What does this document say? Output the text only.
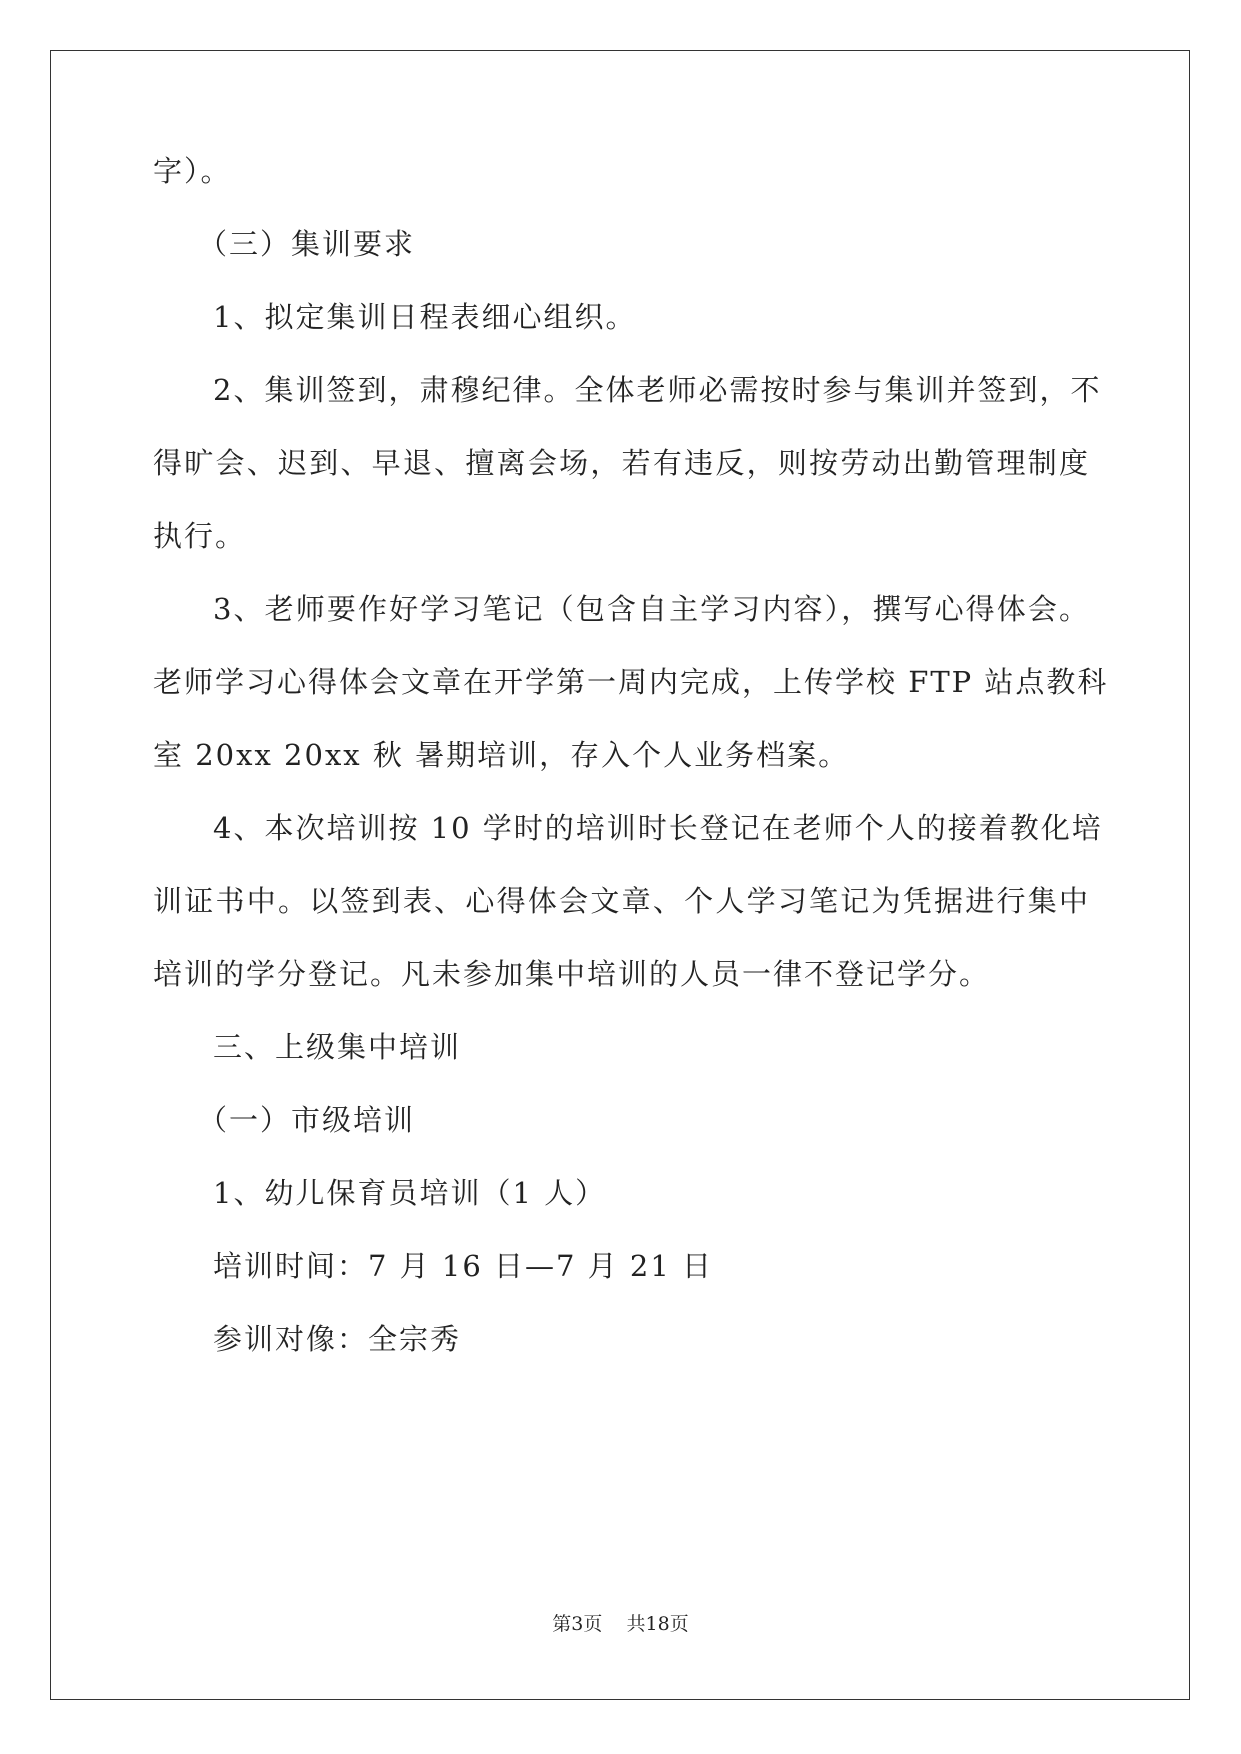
字）。
（三）集训要求
1、拟定集训日程表细心组织。
2、集训签到，肃穆纪律。全体老师必需按时参与集训并签到，不
得旷会、迟到、早退、擅离会场，若有违反，则按劳动出勤管理制度
执行。
3、老师要作好学习笔记（包含自主学习内容），撰写心得体会。
老师学习心得体会文章在开学第一周内完成，上传学校 FTP 站点教科
室 20xx 20xx 秋 暑期培训，存入个人业务档案。
4、本次培训按 10 学时的培训时长登记在老师个人的接着教化培
训证书中。以签到表、心得体会文章、个人学习笔记为凭据进行集中
培训的学分登记。凡未参加集中培训的人员一律不登记学分。
三、上级集中培训
（一）市级培训
1、幼儿保育员培训（1 人）
培训时间：7 月 16 日—7 月 21 日
参训对像：全宗秀
第3页    共18页
